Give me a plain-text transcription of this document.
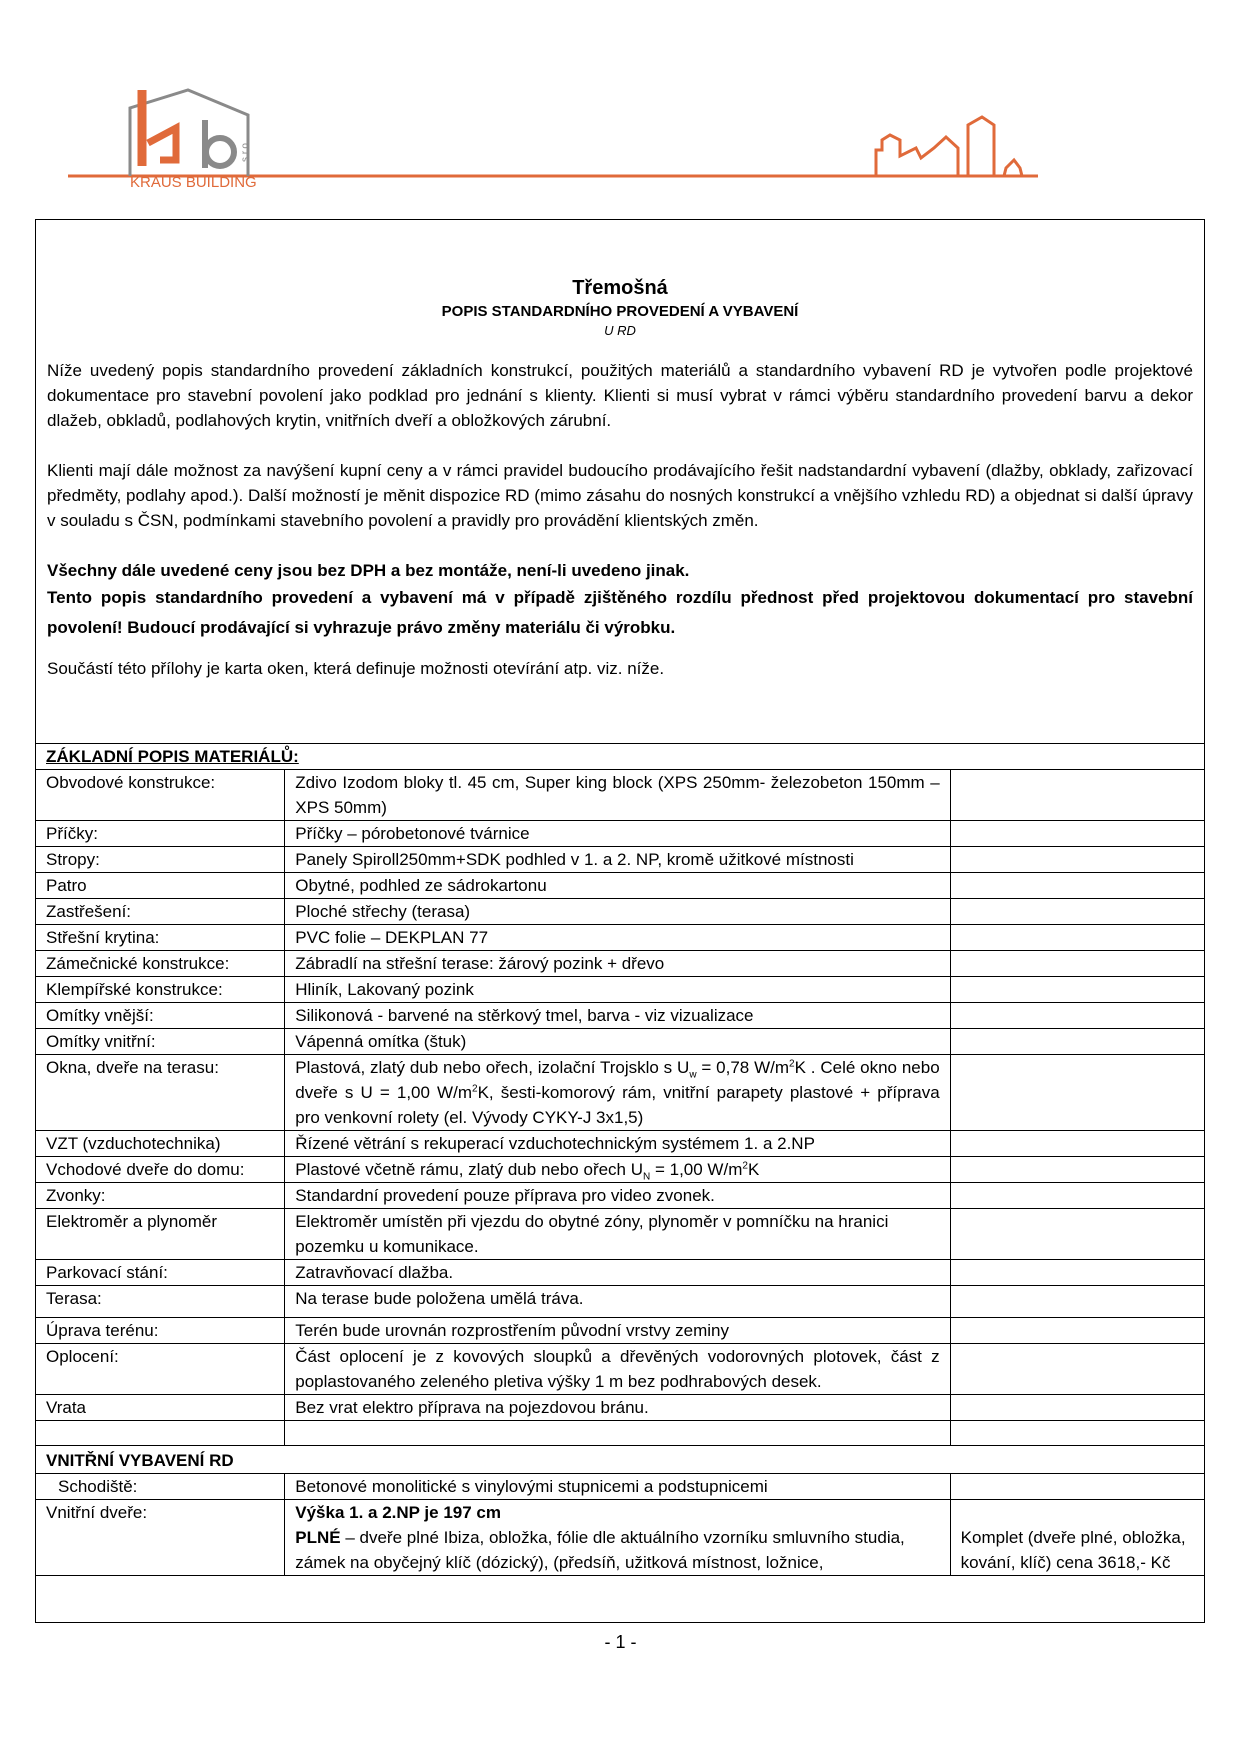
KRAUS BUILDING
s.r.o.
Třemošná
POPIS STANDARDNÍHO PROVEDENÍ A VYBAVENÍ
U RD

Níže uvedený popis standardního provedení základních konstrukcí, použitých materiálů a standardního vybavení RD je vytvořen podle projektové dokumentace pro stavební povolení jako podklad pro jednání s klienty. Klienti si musí vybrat v rámci výběru standardního provedení barvu a dekor dlažeb, obkladů, podlahových krytin, vnitřních dveří a obložkových zárubní.

Klienti mají dále možnost za navýšení kupní ceny a v rámci pravidel budoucího prodávajícího řešit nadstandardní vybavení (dlažby, obklady, zařizovací předměty, podlahy apod.). Další možností je měnit dispozice RD (mimo zásahu do nosných konstrukcí a vnějšího vzhledu RD) a objednat si další úpravy v souladu s ČSN, podmínkami stavebního povolení a pravidly pro provádění klientských změn.

Všechny dále uvedené ceny jsou bez DPH a bez montáže, není-li uvedeno jinak.

Tento popis standardního provedení a vybavení má v případě zjištěného rozdílu přednost před projektovou dokumentací pro stavební povolení! Budoucí prodávající si vyhrazuje právo změny materiálu či výrobku.

Součástí této přílohy je karta oken, která definuje možnosti otevírání atp. viz. níže.

ZÁKLADNÍ POPIS MATERIÁLŮ:		
Obvodové konstrukce:	Zdivo Izodom bloky tl. 45 cm, Super king block (XPS 250mm- železobeton 150mm – XPS 50mm)	
Příčky:	Příčky – pórobetonové tvárnice	
Stropy:	Panely Spiroll250mm+SDK podhled v 1. a 2. NP, kromě užitkové místnosti	
Patro	Obytné, podhled ze sádrokartonu	
Zastřešení:	Ploché střechy (terasa)	
Střešní krytina:	PVC folie – DEKPLAN 77	
Zámečnické konstrukce:	Zábradlí na střešní terase: žárový pozink + dřevo	
Klempířské konstrukce:	Hliník, Lakovaný pozink	
Omítky vnější:	Silikonová - barvené na stěrkový tmel, barva - viz vizualizace	
Omítky vnitřní:	Vápenná omítka (štuk)	
Okna, dveře na terasu:	Plastová, zlatý dub nebo ořech, izolační Trojsklo s $U_w = 0,78$ $W/m^2K$ . Celé okno nebo dveře s U = 1,00 $W/m^2K$, šesti-komorový rám, vnitřní parapety plastové + příprava pro venkovní rolety (el. Vývody CYKY-J 3x1,5)	
VZT (vzduchotechnika)	Řízené větrání s rekuperací vzduchotechnickým systémem 1. a 2.NP	
Vchodové dveře do domu:	Plastové včetně rámu, zlatý dub nebo ořech $U_N = 1,00$ $W/m^2K$	
Zvonky:	Standardní provedení pouze příprava pro video zvonek.	
Elektroměr a plynoměr	Elektroměr umístěn při vjezdu do obytné zóny, plynoměr v pomníčku na hranici pozemku u komunikace.	
Parkovací stání:	Zatravňovací dlažba.	
Terasa:	Na terase bude položena umělá tráva.	
Úprava terénu:	Terén bude urovnán rozprostřením původní vrstvy zeminy	
Oplocení:	Část oplocení je z kovových sloupků a dřevěných vodorovných plotovek, část z poplastovaného zeleného pletiva výšky 1 m bez podhrabových desek.	
Vrata	Bez vrat elektro příprava na pojezdovou bránu.	

VNITŘNÍ VYBAVENÍ RD		
Schodiště:	Betonové monolitické s vinylovými stupnicemi a podstupnicemi	
Vnitřní dveře:	Výška 1. a 2.NP je 197 cm
PLNÉ – dveře plné Ibiza, obložka, fólie dle aktuálního vzorníku smluvního studia, zámek na obyčejný klíč (dózický), (předsíň, užitková místnost, ložnice,	Komplet (dveře plné, obložka, kování, klíč) cena 3618,- Kč
- 1 -
